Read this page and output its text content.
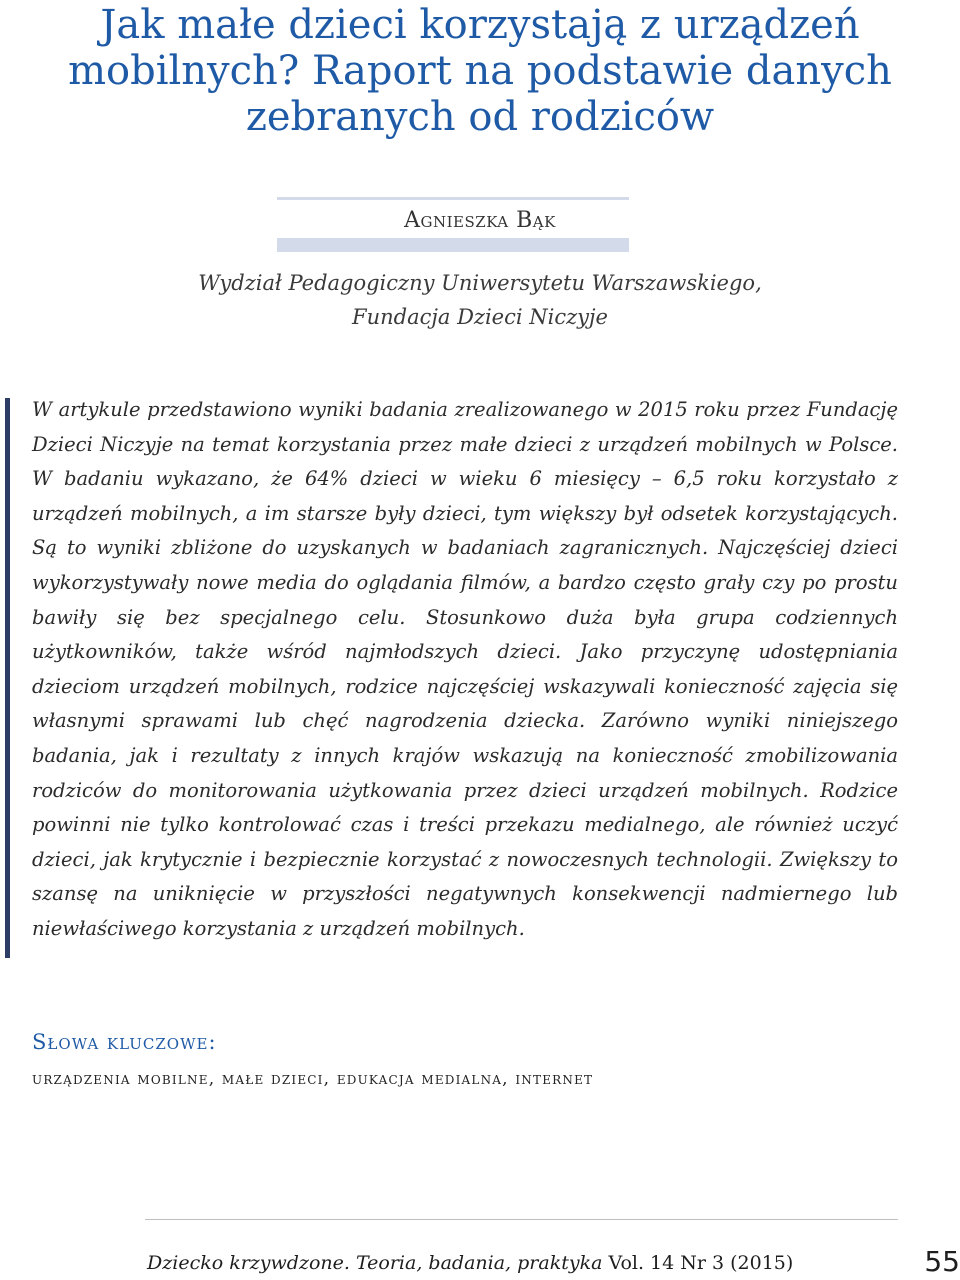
Jak małe dzieci korzystają z urządzeń
mobilnych? Raport na podstawie danych
zebranych od rodziców
Agnieszka Bąk
Wydział Pedagogiczny Uniwersytetu Warszawskiego,
Fundacja Dzieci Niczyje

W artykule przedstawiono wyniki badania zrealizowanego w 2015 roku przez Fundację Dzieci Niczyje na temat korzystania przez małe dzieci z urządzeń mobilnych w Polsce. W badaniu wykazano, że 64% dzieci w wieku 6 miesięcy – 6,5 roku korzystało z urządzeń mobilnych, a im starsze były dzieci, tym większy był odsetek korzystających. Są to wyniki zbliżone do uzyskanych w badaniach zagranicznych. Najczęściej dzieci wykorzystywały nowe media do oglądania filmów, a bardzo często grały czy po prostu bawiły się bez specjalnego celu. Stosunkowo duża była grupa codziennych użytkowników, także wśród najmłodszych dzieci. Jako przyczynę udostępniania dzieciom urządzeń mobilnych, rodzice najczęściej wskazywali konieczność zajęcia się własnymi sprawami lub chęć nagrodzenia dziecka. Zarówno wyniki niniejszego badania, jak i rezultaty z innych krajów wskazują na konieczność zmobilizowania rodziców do monitorowania użytkowania przez dzieci urządzeń mobilnych. Rodzice powinni nie tylko kontrolować czas i treści przekazu medialnego, ale również uczyć dzieci, jak krytycznie i bezpiecznie korzystać z nowoczesnych technologii. Zwiększy to szansę na uniknięcie w przyszłości negatywnych konsekwencji nadmiernego lub niewłaściwego korzystania z urządzeń mobilnych.

Słowa kluczowe:
urządzenia mobilne, małe dzieci, edukacja medialna, internet
Dziecko krzywdzone. Teoria, badania, praktyka Vol. 14 Nr 3 (2015)	55
